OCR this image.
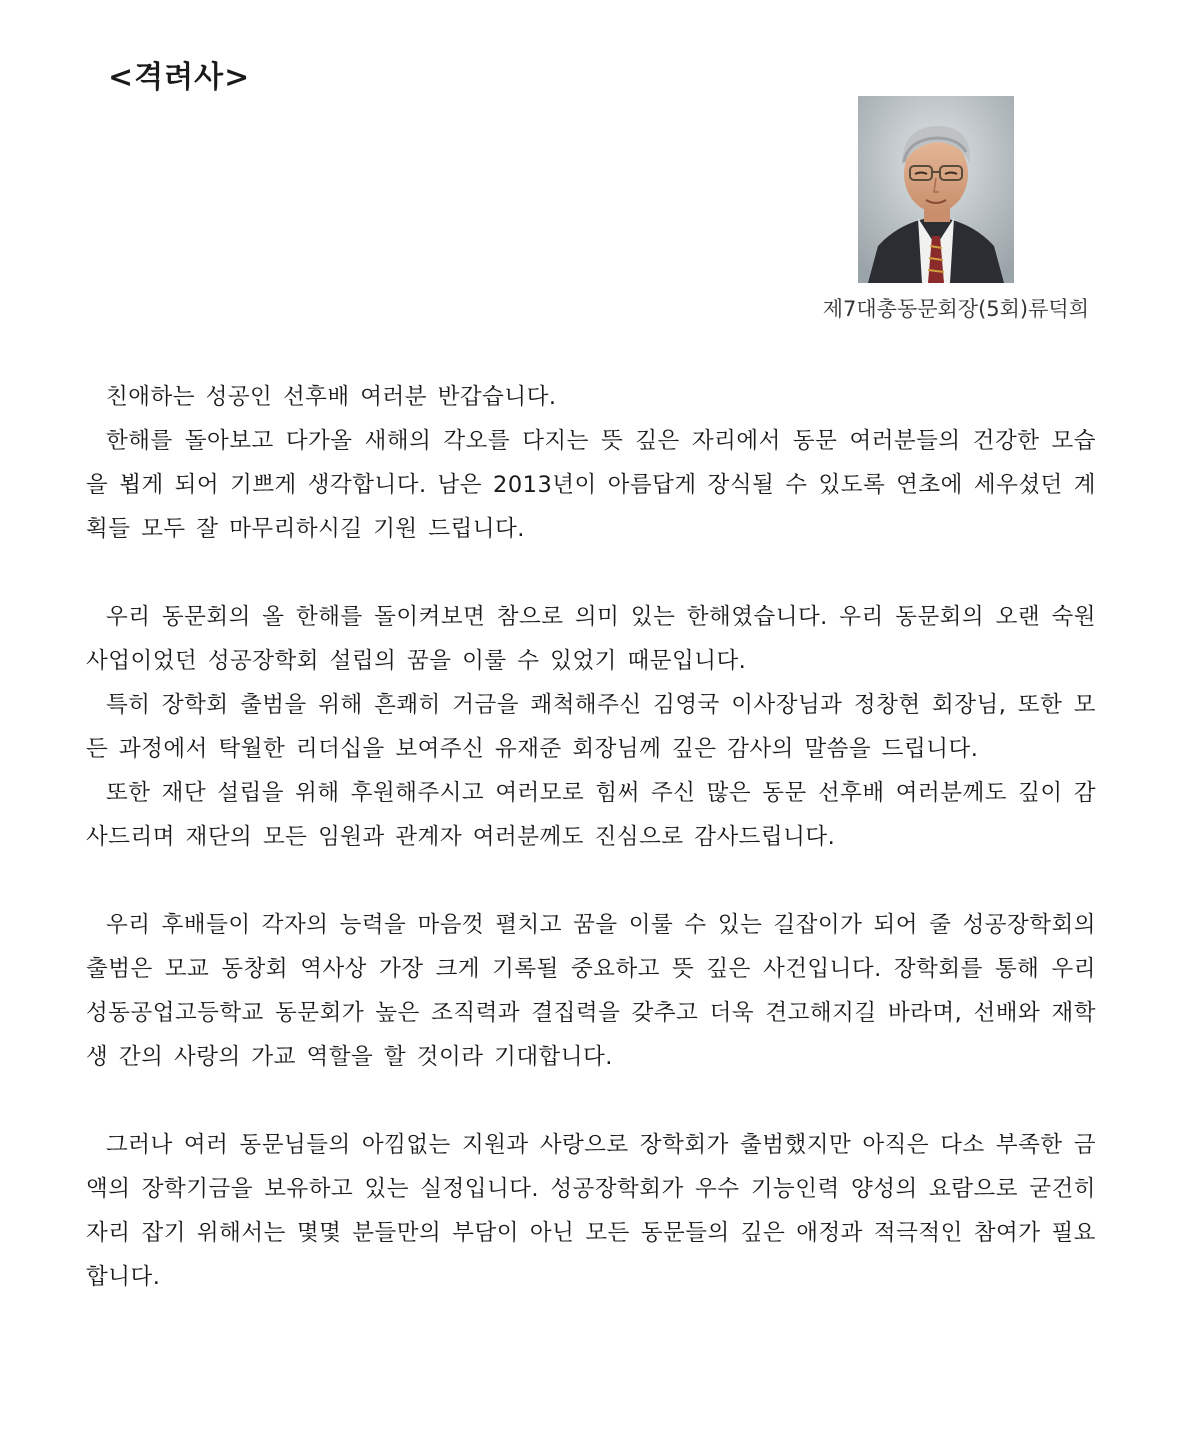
<격려사>
제7대총동문회장(5회)류덕희

친애하는 성공인 선후배 여러분 반갑습니다.

한해를 돌아보고 다가올 새해의 각오를 다지는 뜻 깊은 자리에서 동문 여러분들의 건강한 모습을 뵙게 되어 기쁘게 생각합니다. 남은 2013년이 아름답게 장식될 수 있도록 연초에 세우셨던 계획들 모두 잘 마무리하시길 기원 드립니다.

우리 동문회의 올 한해를 돌이켜보면 참으로 의미 있는 한해였습니다. 우리 동문회의 오랜 숙원사업이었던 성공장학회 설립의 꿈을 이룰 수 있었기 때문입니다.

특히 장학회 출범을 위해 흔쾌히 거금을 쾌척해주신 김영국 이사장님과 정창현 회장님, 또한 모든 과정에서 탁월한 리더십을 보여주신 유재준 회장님께 깊은 감사의 말씀을 드립니다.

또한 재단 설립을 위해 후원해주시고 여러모로 힘써 주신 많은 동문 선후배 여러분께도 깊이 감사드리며 재단의 모든 임원과 관계자 여러분께도 진심으로 감사드립니다.

우리 후배들이 각자의 능력을 마음껏 펼치고 꿈을 이룰 수 있는 길잡이가 되어 줄 성공장학회의 출범은 모교 동창회 역사상 가장 크게 기록될 중요하고 뜻 깊은 사건입니다. 장학회를 통해 우리 성동공업고등학교 동문회가 높은 조직력과 결집력을 갖추고 더욱 견고해지길 바라며, 선배와 재학생 간의 사랑의 가교 역할을 할 것이라 기대합니다.

그러나 여러 동문님들의 아낌없는 지원과 사랑으로 장학회가 출범했지만 아직은 다소 부족한 금액의 장학기금을 보유하고 있는 실정입니다. 성공장학회가 우수 기능인력 양성의 요람으로 굳건히 자리 잡기 위해서는 몇몇 분들만의 부담이 아닌 모든 동문들의 깊은 애정과 적극적인 참여가 필요합니다.
